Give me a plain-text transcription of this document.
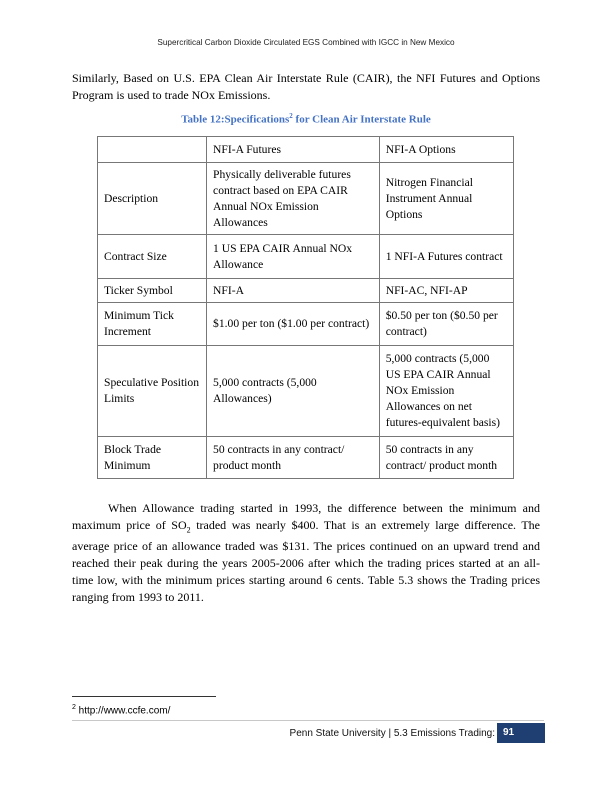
Supercritical Carbon Dioxide Circulated EGS Combined with IGCC in New Mexico

Similarly, Based on U.S. EPA Clean Air Interstate Rule (CAIR), the NFI Futures and Options Program is used to trade NOx Emissions.

Table 12:Specifications$^2$ for Clean Air Interstate Rule
	NFI-A Futures	NFI-A Options
Description	Physically deliverable futures contract based on EPA CAIR Annual NOx Emission Allowances	Nitrogen Financial Instrument Annual Options
Contract Size	1 US EPA CAIR Annual NOx Allowance	1 NFI-A Futures contract
Ticker Symbol	NFI-A	NFI-AC, NFI-AP
Minimum Tick Increment	$1.00 per ton ($1.00 per contract)	$0.50 per ton ($0.50 per contract)
Speculative Position Limits	5,000 contracts (5,000 Allowances)	5,000 contracts (5,000 US EPA CAIR Annual NOx Emission Allowances on net futures-equivalent basis)
Block Trade Minimum	50 contracts in any contract/ product month	50 contracts in any contract/ product month

When Allowance trading started in 1993, the difference between the minimum and maximum price of $SO_2$ traded was nearly $400. That is an extremely large difference. The average price of an allowance traded was $131. The prices continued on an upward trend and reached their peak during the years 2005-2006 after which the trading prices started at an all-time low, with the minimum prices starting around 6 cents. Table 5.3 shows the Trading prices ranging from 1993 to 2011.

$^2$ http://www.ccfe.com/
Penn State University | 5.3 Emissions Trading: 91
